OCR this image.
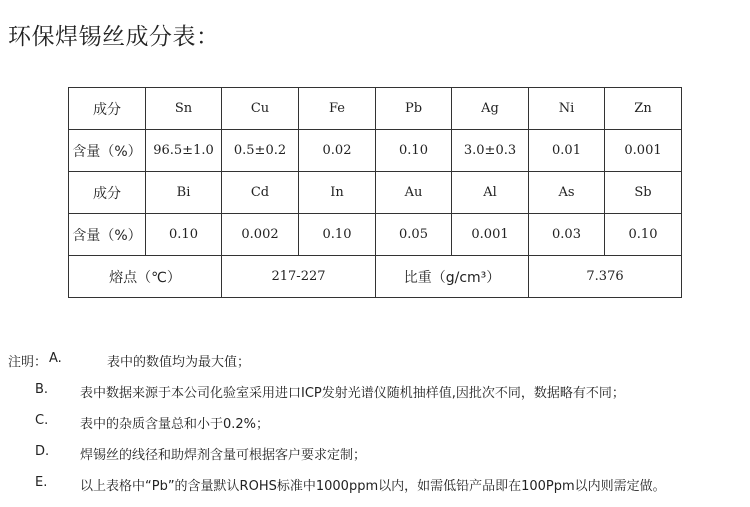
环保焊锡丝成分表：
成分	Sn	Cu	Fe	Pb	Ag	Ni	Zn
含量（%）	96.5±1.0	0.5±0.2	0.02	0.10	3.0±0.3	0.01	0.001
成分	Bi	Cd	In	Au	Al	As	Sb
含量（%）	0.10	0.002	0.10	0.05	0.001	0.03	0.10
熔点（℃）		217-227		比重（g/cm³）		7.376	
注明： A.	表中的数值均为最大值；
B. 表中数据来源于本公司化验室采用进口ICP发射光谱仪随机抽样值,因批次不同，数据略有不同；
C. 表中的杂质含量总和小于0.2%；
D. 焊锡丝的线径和助焊剂含量可根据客户要求定制；
E.	以上表格中“Pb”的含量默认ROHS标准中1000ppm以内，如需低铅产品即在100Ppm以内则需定做。
